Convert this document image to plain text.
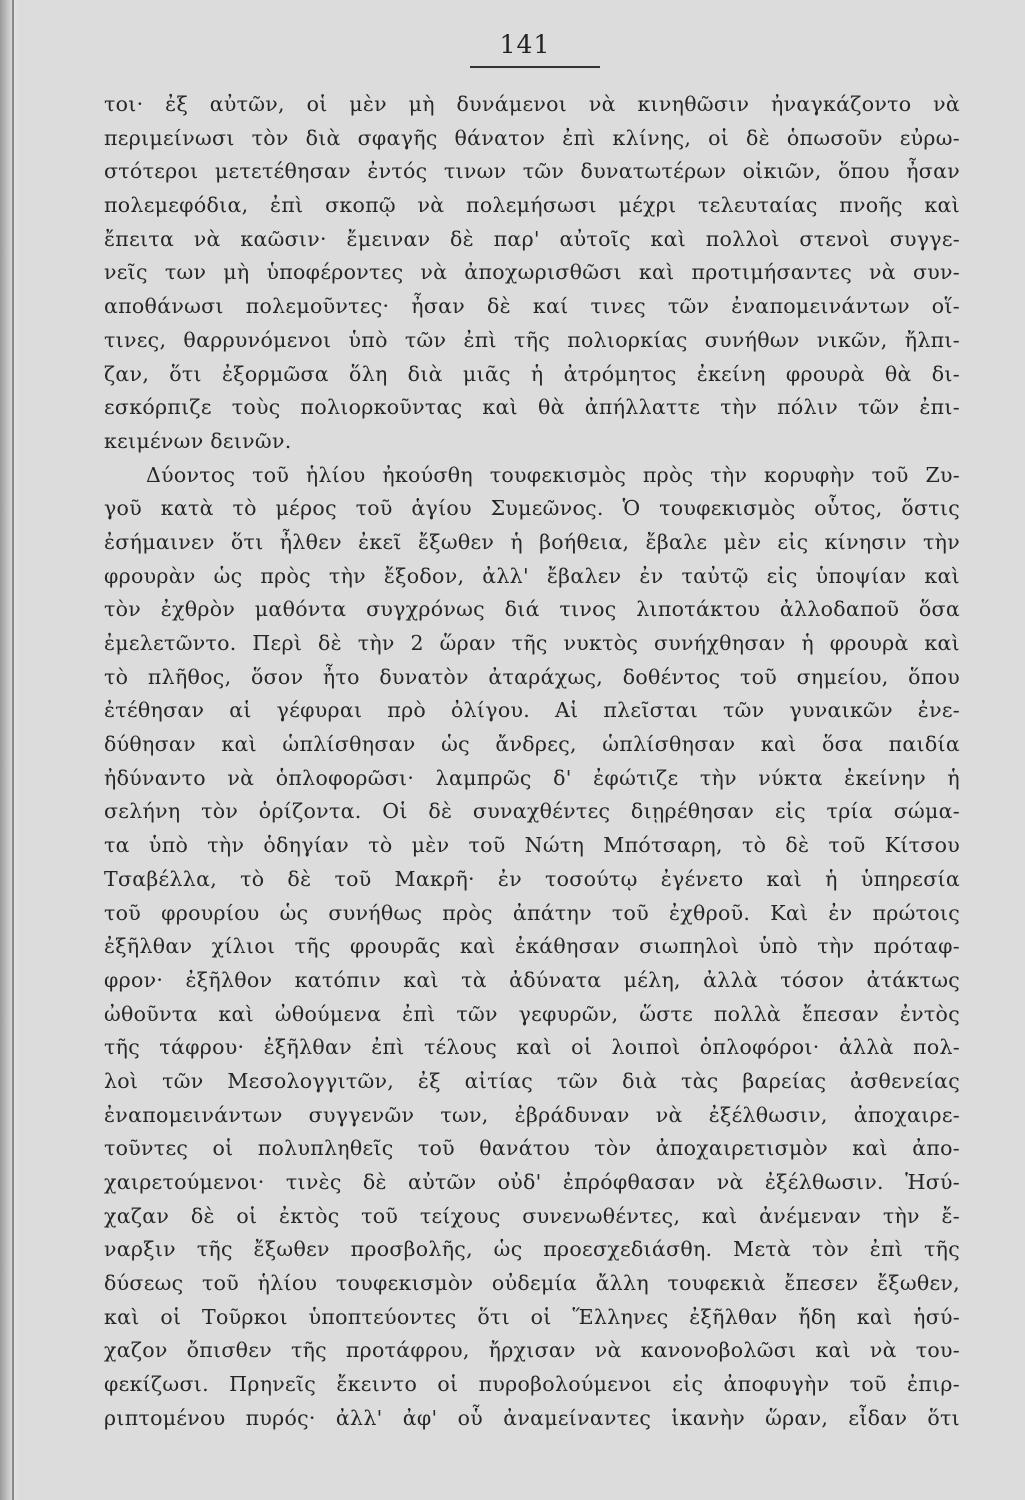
141
τοι· ἐξ αὐτῶν, οἱ μὲν μὴ δυνάμενοι νὰ κινηθῶσιν ἠναγκάζοντο νὰ
περιμείνωσι τὸν διὰ σφαγῆς θάνατον ἐπὶ κλίνης, οἱ δὲ ὁπωσοῦν εὐρω-
στότεροι μετετέθησαν ἐντός τινων τῶν δυνατωτέρων οἰκιῶν, ὅπου ἦσαν
πολεμεφόδια, ἐπὶ σκοπῷ νὰ πολεμήσωσι μέχρι τελευταίας πνοῆς καὶ
ἔπειτα νὰ καῶσιν· ἔμειναν δὲ παρ' αὐτοῖς καὶ πολλοὶ στενοὶ συγγε-
νεῖς των μὴ ὑποφέροντες νὰ ἀποχωρισθῶσι καὶ προτιμήσαντες νὰ συν-
αποθάνωσι πολεμοῦντες· ἦσαν δὲ καί τινες τῶν ἐναπομεινάντων οἵ-
τινες, θαρρυνόμενοι ὑπὸ τῶν ἐπὶ τῆς πολιορκίας συνήθων νικῶν, ἤλπι-
ζαν, ὅτι ἐξορμῶσα ὅλη διὰ μιᾶς ἡ ἀτρόμητος ἐκείνη φρουρὰ θὰ δι-
εσκόρπιζε τοὺς πολιορκοῦντας καὶ θὰ ἀπήλλαττε τὴν πόλιν τῶν ἐπι-
κειμένων δεινῶν.
Δύοντος τοῦ ἡλίου ἠκούσθη τουφεκισμὸς πρὸς τὴν κορυφὴν τοῦ Ζυ-
γοῦ κατὰ τὸ μέρος τοῦ ἁγίου Συμεῶνος. Ὁ τουφεκισμὸς οὗτος, ὅστις
ἐσήμαινεν ὅτι ἦλθεν ἐκεῖ ἔξωθεν ἡ βοήθεια, ἔβαλε μὲν εἰς κίνησιν τὴν
φρουρὰν ὡς πρὸς τὴν ἔξοδον, ἀλλ' ἔβαλεν ἐν ταὐτῷ εἰς ὑποψίαν καὶ
τὸν ἐχθρὸν μαθόντα συγχρόνως διά τινος λιποτάκτου ἀλλοδαποῦ ὅσα
ἐμελετῶντο. Περὶ δὲ τὴν 2 ὥραν τῆς νυκτὸς συνήχθησαν ἡ φρουρὰ καὶ
τὸ πλῆθος, ὅσον ἦτο δυνατὸν ἀταράχως, δοθέντος τοῦ σημείου, ὅπου
ἐτέθησαν αἱ γέφυραι πρὸ ὀλίγου. Αἱ πλεῖσται τῶν γυναικῶν ἐνε-
δύθησαν καὶ ὡπλίσθησαν ὡς ἄνδρες, ὡπλίσθησαν καὶ ὅσα παιδία
ἠδύναντο νὰ ὁπλοφορῶσι· λαμπρῶς δ' ἐφώτιζε τὴν νύκτα ἐκείνην ἡ
σελήνη τὸν ὁρίζοντα. Οἱ δὲ συναχθέντες διῃρέθησαν εἰς τρία σώμα-
τα ὑπὸ τὴν ὁδηγίαν τὸ μὲν τοῦ Νώτη Μπότσαρη, τὸ δὲ τοῦ Κίτσου
Τσαβέλλα, τὸ δὲ τοῦ Μακρῆ· ἐν τοσούτῳ ἐγένετο καὶ ἡ ὑπηρεσία
τοῦ φρουρίου ὡς συνήθως πρὸς ἀπάτην τοῦ ἐχθροῦ. Καὶ ἐν πρώτοις
ἐξῆλθαν χίλιοι τῆς φρουρᾶς καὶ ἐκάθησαν σιωπηλοὶ ὑπὸ τὴν πρόταφ-
φρον· ἐξῆλθον κατόπιν καὶ τὰ ἀδύνατα μέλη, ἀλλὰ τόσον ἀτάκτως
ὠθοῦντα καὶ ὠθούμενα ἐπὶ τῶν γεφυρῶν, ὥστε πολλὰ ἔπεσαν ἐντὸς
τῆς τάφρου· ἐξῆλθαν ἐπὶ τέλους καὶ οἱ λοιποὶ ὁπλοφόροι· ἀλλὰ πολ-
λοὶ τῶν Μεσολογγιτῶν, ἐξ αἰτίας τῶν διὰ τὰς βαρείας ἀσθενείας
ἐναπομεινάντων συγγενῶν των, ἐβράδυναν νὰ ἐξέλθωσιν, ἀποχαιρε-
τοῦντες οἱ πολυπληθεῖς τοῦ θανάτου τὸν ἀποχαιρετισμὸν καὶ ἀπο-
χαιρετούμενοι· τινὲς δὲ αὐτῶν οὐδ' ἐπρόφθασαν νὰ ἐξέλθωσιν. Ἡσύ-
χαζαν δὲ οἱ ἐκτὸς τοῦ τείχους συνενωθέντες, καὶ ἀνέμεναν τὴν ἔ-
ναρξιν τῆς ἔξωθεν προσβολῆς, ὡς προεσχεδιάσθη. Μετὰ τὸν ἐπὶ τῆς
δύσεως τοῦ ἡλίου τουφεκισμὸν οὐδεμία ἄλλη τουφεκιὰ ἔπεσεν ἔξωθεν,
καὶ οἱ Τοῦρκοι ὑποπτεύοντες ὅτι οἱ Ἕλληνες ἐξῆλθαν ἤδη καὶ ἡσύ-
χαζον ὄπισθεν τῆς προτάφρου, ἤρχισαν νὰ κανονοβολῶσι καὶ νὰ του-
φεκίζωσι. Πρηνεῖς ἔκειντο οἱ πυροβολούμενοι εἰς ἀποφυγὴν τοῦ ἐπιρ-
ριπτομένου πυρός· ἀλλ' ἀφ' οὗ ἀναμείναντες ἱκανὴν ὥραν, εἶδαν ὅτι
